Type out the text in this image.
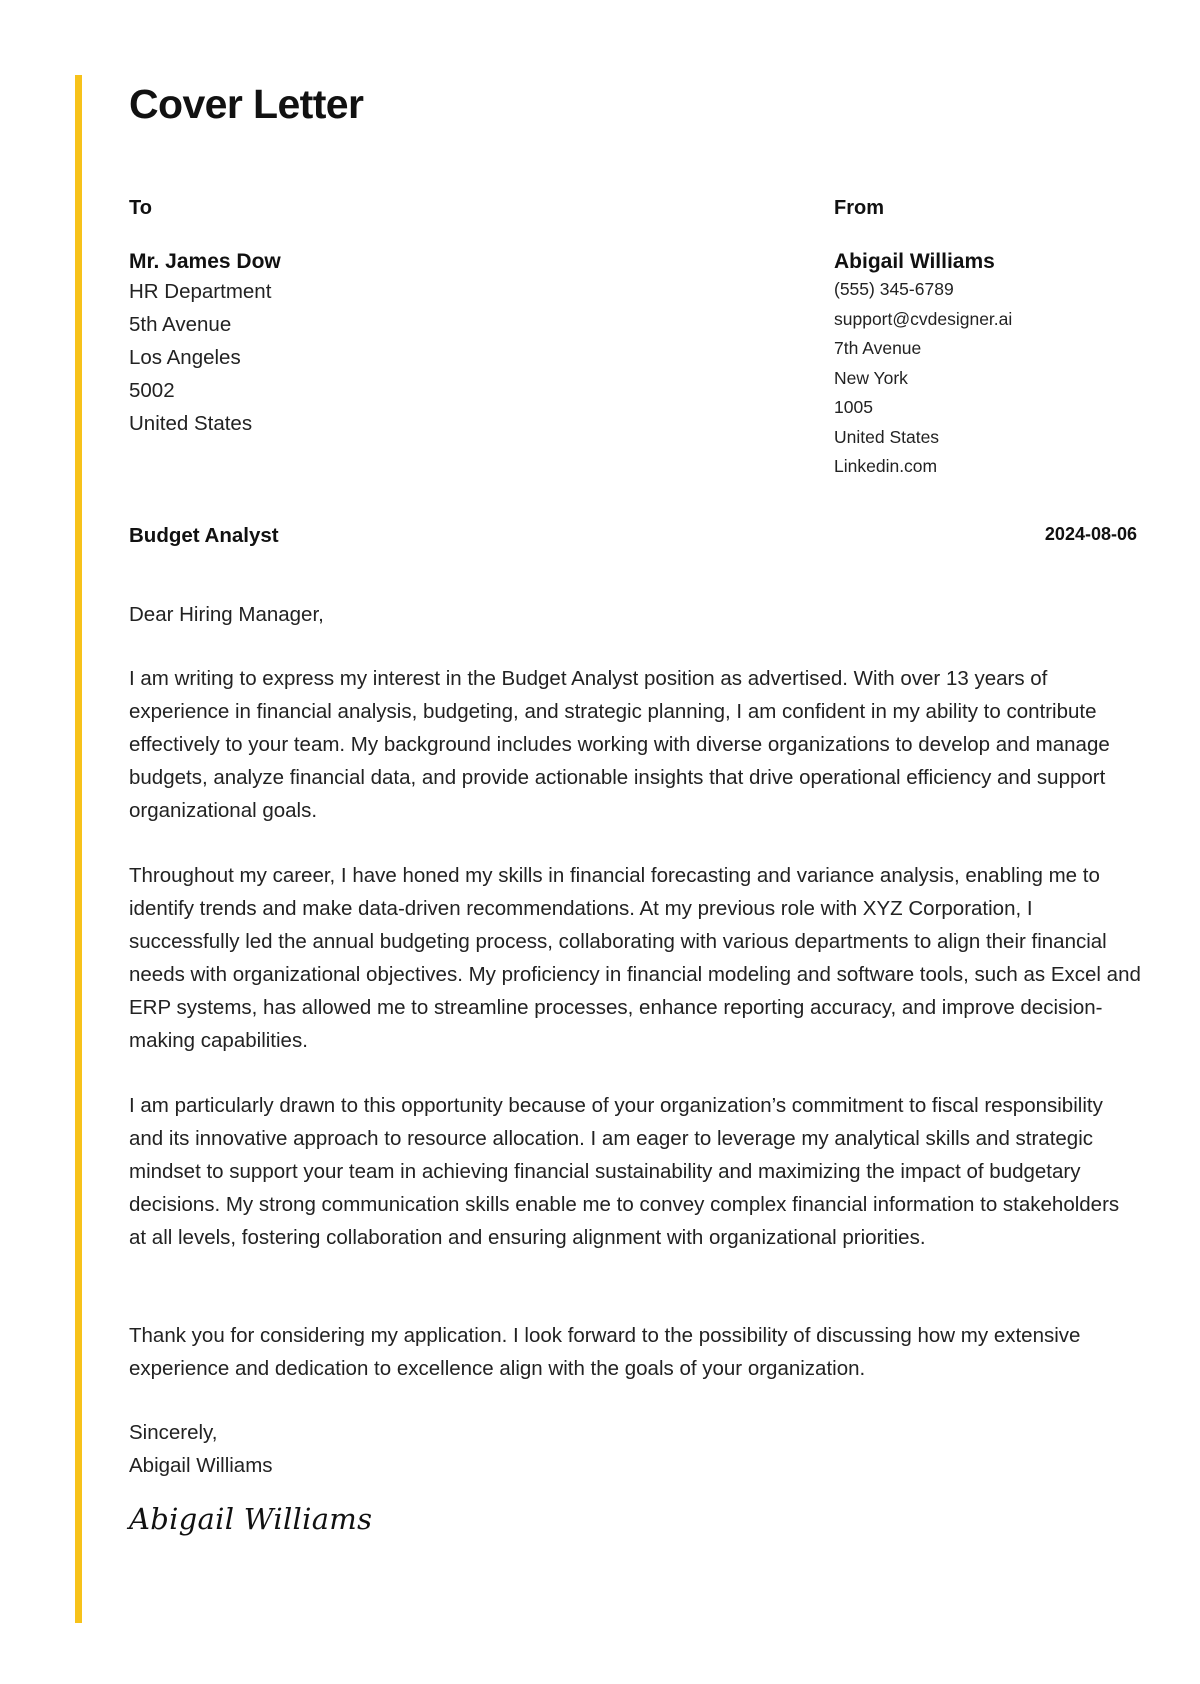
Cover Letter
To
Mr. James Dow
HR Department
5th Avenue
Los Angeles
5002
United States
From
Abigail Williams
(555) 345-6789
support@cvdesigner.ai
7th Avenue
New York
1005
United States
Linkedin.com
Budget Analyst	2024-08-06

Dear Hiring Manager,

I am writing to express my interest in the Budget Analyst position as advertised. With over 13 years of experience in financial analysis, budgeting, and strategic planning, I am confident in my ability to contribute effectively to your team. My background includes working with diverse organizations to develop and manage budgets, analyze financial data, and provide actionable insights that drive operational efficiency and support organizational goals.

Throughout my career, I have honed my skills in financial forecasting and variance analysis, enabling me to identify trends and make data-driven recommendations. At my previous role with XYZ Corporation, I successfully led the annual budgeting process, collaborating with various departments to align their financial needs with organizational objectives. My proficiency in financial modeling and software tools, such as Excel and ERP systems, has allowed me to streamline processes, enhance reporting accuracy, and improve decision-making capabilities.

I am particularly drawn to this opportunity because of your organization’s commitment to fiscal responsibility and its innovative approach to resource allocation. I am eager to leverage my analytical skills and strategic mindset to support your team in achieving financial sustainability and maximizing the impact of budgetary decisions. My strong communication skills enable me to convey complex financial information to stakeholders at all levels, fostering collaboration and ensuring alignment with organizational priorities.

Thank you for considering my application. I look forward to the possibility of discussing how my extensive experience and dedication to excellence align with the goals of your organization.

Sincerely,

Abigail Williams

Abigail Williams
